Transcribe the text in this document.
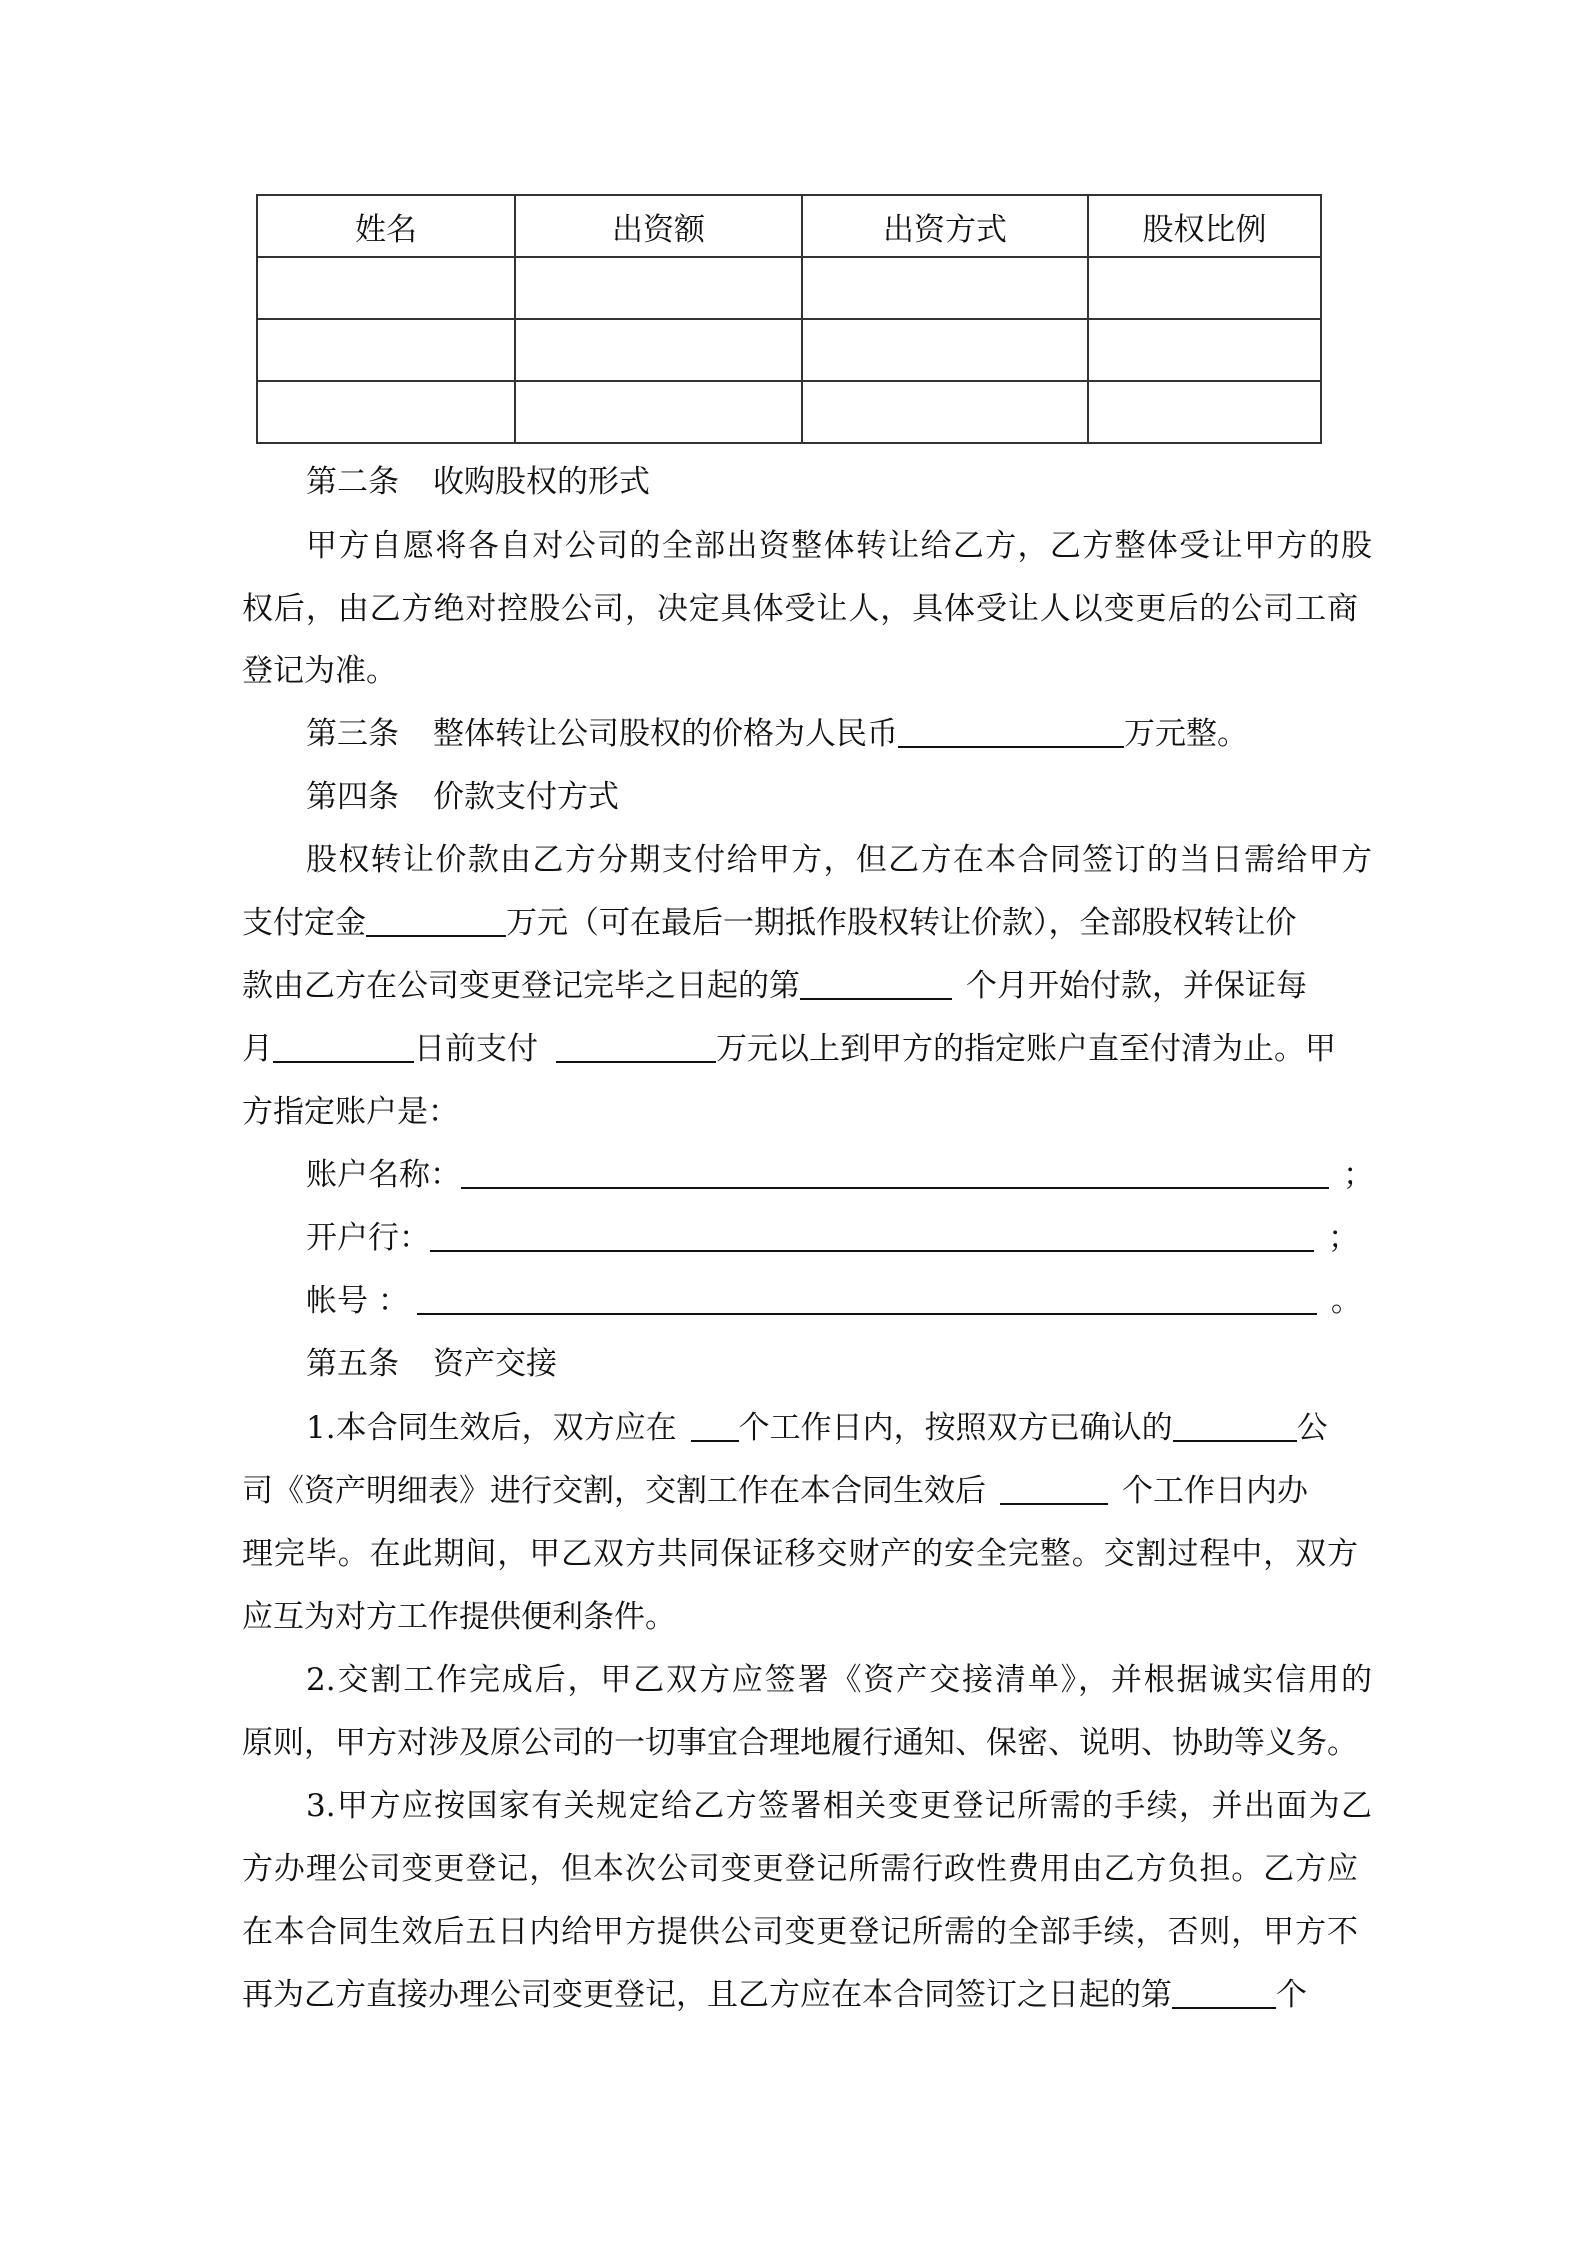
姓名	出资额	出资方式	股权比例

第二条 收购股权的形式
甲方自愿将各自对公司的全部出资整体转让给乙方，乙方整体受让甲方的股
权后，由乙方绝对控股公司，决定具体受让人，具体受让人以变更后的公司工商
登记为准。
第三条 整体转让公司股权的价格为人民币	万元整。
第四条 价款支付方式
股权转让价款由乙方分期支付给甲方，但乙方在本合同签订的当日需给甲方
支付定金	万元（可在最后一期抵作股权转让价款），全部股权转让价
款由乙方在公司变更登记完毕之日起的第	个月开始付款，并保证每
月	日前支付	万元以上到甲方的指定账户直至付清为止。甲
方指定账户是：
账户名称：	；
开户行：	；
帐号 ：	。
第五条 资产交接
1.本合同生效后，双方应在 个工作日内，按照双方已确认的	公
司《资产明细表》进行交割，交割工作在本合同生效后	个工作日内办
理完毕。在此期间，甲乙双方共同保证移交财产的安全完整。交割过程中，双方
应互为对方工作提供便利条件。
2.交割工作完成后，甲乙双方应签署《资产交接清单》，并根据诚实信用的
原则，甲方对涉及原公司的一切事宜合理地履行通知、保密、说明、协助等义务。
3.甲方应按国家有关规定给乙方签署相关变更登记所需的手续，并出面为乙
方办理公司变更登记，但本次公司变更登记所需行政性费用由乙方负担。乙方应
在本合同生效后五日内给甲方提供公司变更登记所需的全部手续，否则，甲方不
再为乙方直接办理公司变更登记，且乙方应在本合同签订之日起的第	个
